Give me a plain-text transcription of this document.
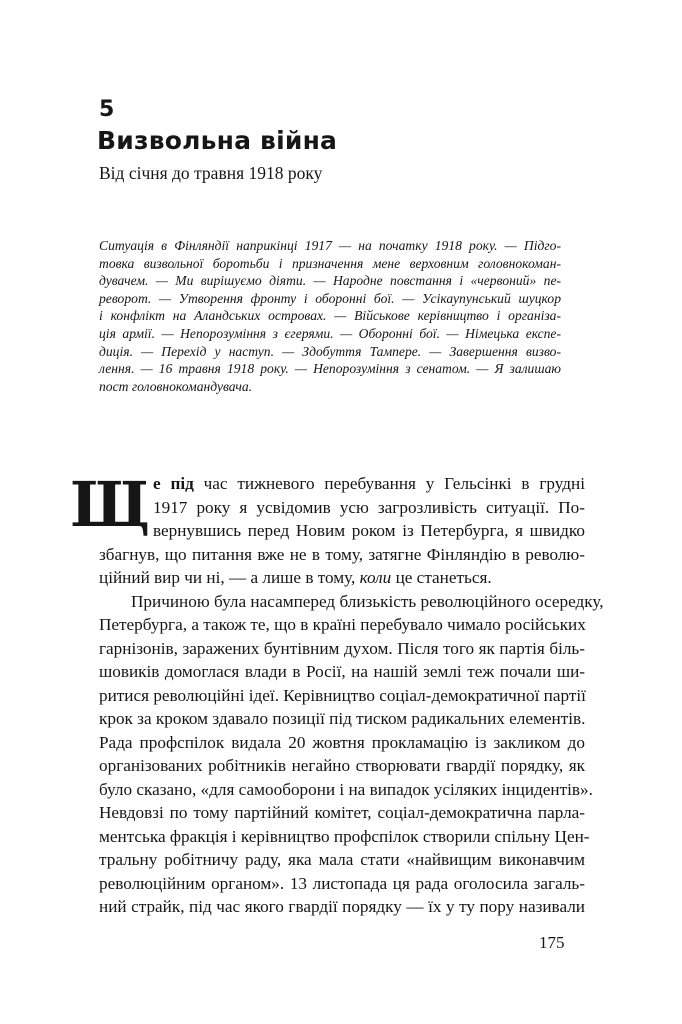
5
Визвольна війна
Від січня до травня 1918 року
Ситуація в Фінляндії наприкінці 1917 — на початку 1918 року. — Підго-
товка визвольної боротьби і призначення мене верховним головнокоман-
дувачем. — Ми вирішуємо діяти. — Народне повстання і «червоний» пе-
реворот. — Утворення фронту і оборонні бої. — Усікаупунський шуцкор
і конфлікт на Аландських островах. — Військове керівництво і організа-
ція армії. — Непорозуміння з єгерями. — Оборонні бої. — Німецька експе-
диція. — Перехід у наступ. — Здобуття Тампере. — Завершення визво-
лення. — 16 травня 1918 року. — Непорозуміння з сенатом. — Я залишаю
пост головнокомандувача.
Щ е під час тижневого перебування у Гельсінкі в грудні
1917 року я усвідомив усю загрозливість ситуації. По-
вернувшись перед Новим роком із Петербурга, я швидко
збагнув, що питання вже не в тому, затягне Фінляндію в револю-
ційний вир чи ні, — а лише в тому, коли це станеться.
Причиною була насамперед близькість революційного осередку,
Петербурга, а також те, що в країні перебувало чимало російських
гарнізонів, заражених бунтівним духом. Після того як партія біль-
шовиків домоглася влади в Росії, на нашій землі теж почали ши-
ритися революційні ідеї. Керівництво соціал-демократичної партії
крок за кроком здавало позиції під тиском радикальних елементів.
Рада профспілок видала 20 жовтня прокламацію із закликом до
організованих робітників негайно створювати гвардії порядку, як
було сказано, «для самооборони і на випадок усіляких інцидентів».
Невдовзі по тому партійний комітет, соціал-демократична парла-
ментська фракція і керівництво профспілок створили спільну Цен-
тральну робітничу раду, яка мала стати «найвищим виконавчим
революційним органом». 13 листопада ця рада оголосила загаль-
ний страйк, під час якого гвардії порядку — їх у ту пору називали
175
